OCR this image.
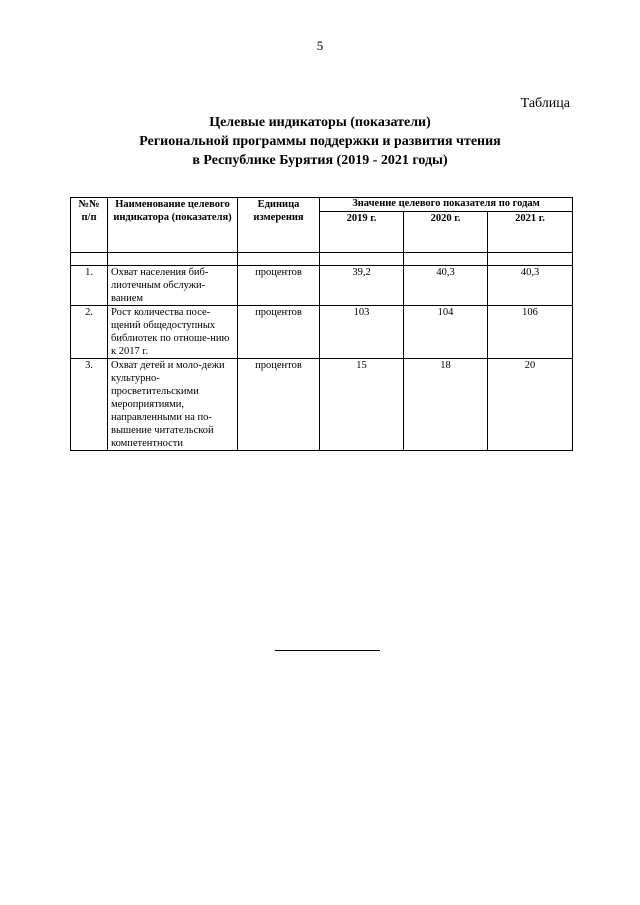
5
Таблица
Целевые индикаторы (показатели)
Региональной программы поддержки и развития чтения
в Республике Бурятия (2019 - 2021 годы)
№№ п/п	Наименование целевого индикатора (показателя)	Единица измерения	Значение целевого показателя по годам		
			2019 г.	2020 г.	2021 г.

1.	Охват населения биб-лиотечным обслужи-ванием	процентов	39,2	40,3	40,3
2.	Рост количества посе-щений общедоступных библиотек по отноше-нию к 2017 г.	процентов	103	104	106
3.	Охват детей и моло-дежи культурно-просветительскими мероприятиями, направленными на по-вышение читательской компетентности	процентов	15	18	20
